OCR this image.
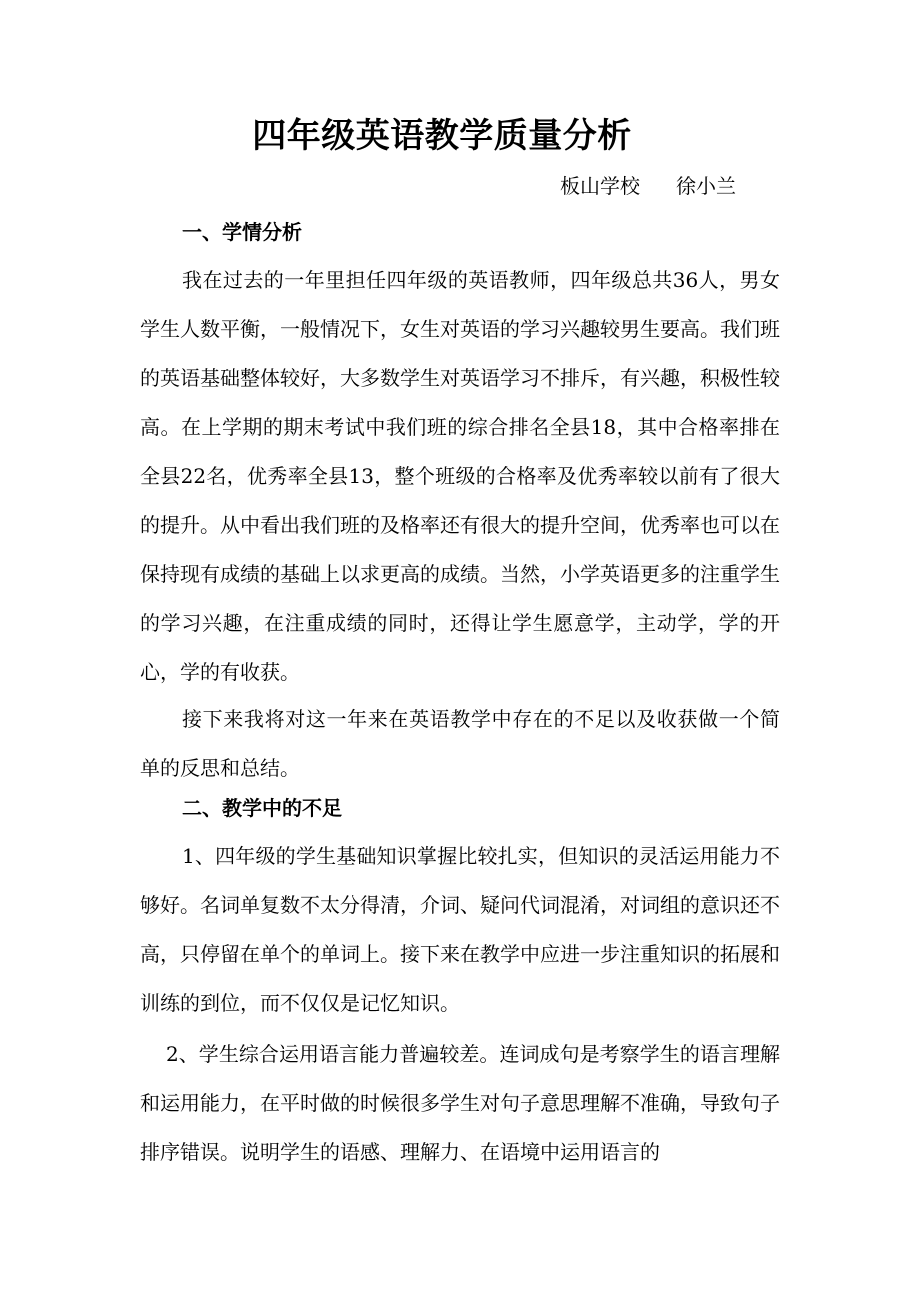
四年级英语教学质量分析
板山学校 徐小兰
一、学情分析

我在过去的一年里担任四年级的英语教师，四年级总共36人，男女学生人数平衡，一般情况下，女生对英语的学习兴趣较男生要高。我们班的英语基础整体较好，大多数学生对英语学习不排斥，有兴趣，积极性较高。在上学期的期末考试中我们班的综合排名全县18，其中合格率排在全县22名，优秀率全县13，整个班级的合格率及优秀率较以前有了很大的提升。从中看出我们班的及格率还有很大的提升空间，优秀率也可以在保持现有成绩的基础上以求更高的成绩。当然，小学英语更多的注重学生的学习兴趣，在注重成绩的同时，还得让学生愿意学，主动学，学的开心，学的有收获。

接下来我将对这一年来在英语教学中存在的不足以及收获做一个简单的反思和总结。

二、教学中的不足

1、四年级的学生基础知识掌握比较扎实，但知识的灵活运用能力不够好。名词单复数不太分得清，介词、疑问代词混淆，对词组的意识还不高，只停留在单个的单词上。接下来在教学中应进一步注重知识的拓展和训练的到位，而不仅仅是记忆知识。

2、学生综合运用语言能力普遍较差。连词成句是考察学生的语言理解和运用能力，在平时做的时候很多学生对句子意思理解不准确，导致句子排序错误。说明学生的语感、理解力、在语境中运用语言的
